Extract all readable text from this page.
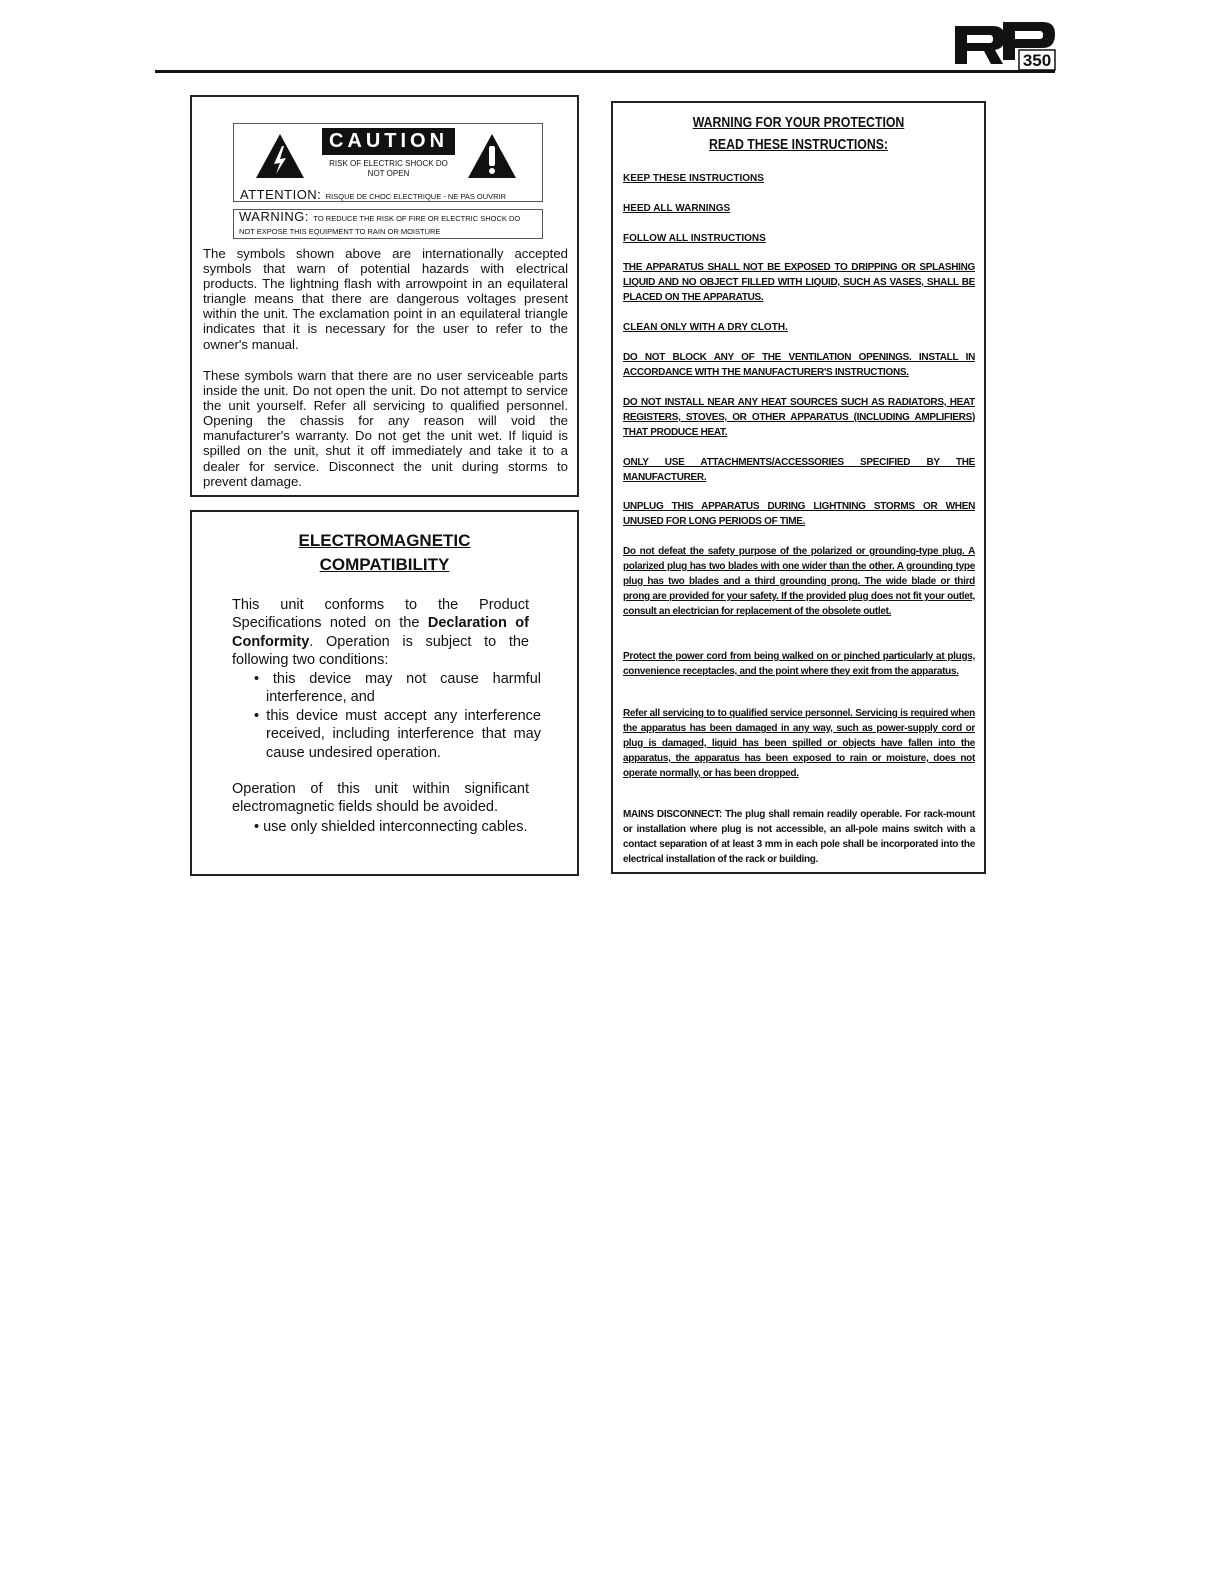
350
CAUTION
RISK OF ELECTRIC SHOCK DO NOT OPEN
ATTENTION: RISQUE DE CHOC ELECTRIQUE - NE PAS OUVRIR
WARNING: TO REDUCE THE RISK OF FIRE OR ELECTRIC SHOCK DO NOT EXPOSE THIS EQUIPMENT TO RAIN OR MOISTURE
The symbols shown above are internationally accepted symbols that warn of potential hazards with electrical products. The lightning flash with arrowpoint in an equilateral triangle means that there are dangerous voltages present within the unit. The exclamation point in an equilateral triangle indicates that it is necessary for the user to refer to the owner's manual.
These symbols warn that there are no user serviceable parts inside the unit. Do not open the unit. Do not attempt to service the unit yourself. Refer all servicing to qualified personnel. Opening the chassis for any reason will void the manufacturer's warranty. Do not get the unit wet. If liquid is spilled on the unit, shut it off immediately and take it to a dealer for service. Disconnect the unit during storms to prevent damage.
ELECTROMAGNETIC
COMPATIBILITY
This unit conforms to the Product Specifications noted on the Declaration of Conformity. Operation is subject to the following two conditions:
• this device may not cause harmful interference, and
• this device must accept any interference received, including interference that may cause undesired operation.
Operation of this unit within significant electromagnetic fields should be avoided.
• use only shielded interconnecting cables.
WARNING FOR YOUR PROTECTION
READ THESE INSTRUCTIONS:
KEEP THESE INSTRUCTIONS
HEED ALL WARNINGS
FOLLOW ALL INSTRUCTIONS
THE APPARATUS SHALL NOT BE EXPOSED TO DRIPPING OR SPLASHING LIQUID AND NO OBJECT FILLED WITH LIQUID, SUCH AS VASES, SHALL BE PLACED ON THE APPARATUS.
CLEAN ONLY WITH A DRY CLOTH.
DO NOT BLOCK ANY OF THE VENTILATION OPENINGS. INSTALL IN ACCORDANCE WITH THE MANUFACTURER'S INSTRUCTIONS.
DO NOT INSTALL NEAR ANY HEAT SOURCES SUCH AS RADIATORS, HEAT REGISTERS, STOVES, OR OTHER APPARATUS (INCLUDING AMPLIFIERS) THAT PRODUCE HEAT.
ONLY USE ATTACHMENTS/ACCESSORIES SPECIFIED BY THE MANUFACTURER.
UNPLUG THIS APPARATUS DURING LIGHTNING STORMS OR WHEN UNUSED FOR LONG PERIODS OF TIME.
Do not defeat the safety purpose of the polarized or grounding-type plug. A polarized plug has two blades with one wider than the other. A grounding type plug has two blades and a third grounding prong. The wide blade or third prong are provided for your safety. If the provided plug does not fit your outlet, consult an electrician for replacement of the obsolete outlet.
Protect the power cord from being walked on or pinched particularly at plugs, convenience receptacles, and the point where they exit from the apparatus.
Refer all servicing to to qualified service personnel. Servicing is required when the apparatus has been damaged in any way, such as power-supply cord or plug is damaged, liquid has been spilled or objects have fallen into the apparatus, the apparatus has been exposed to rain or moisture, does not operate normally, or has been dropped.
MAINS DISCONNECT: The plug shall remain readily operable. For rack-mount or installation where plug is not accessible, an all-pole mains switch with a contact separation of at least 3 mm in each pole shall be incorporated into the electrical installation of the rack or building.
